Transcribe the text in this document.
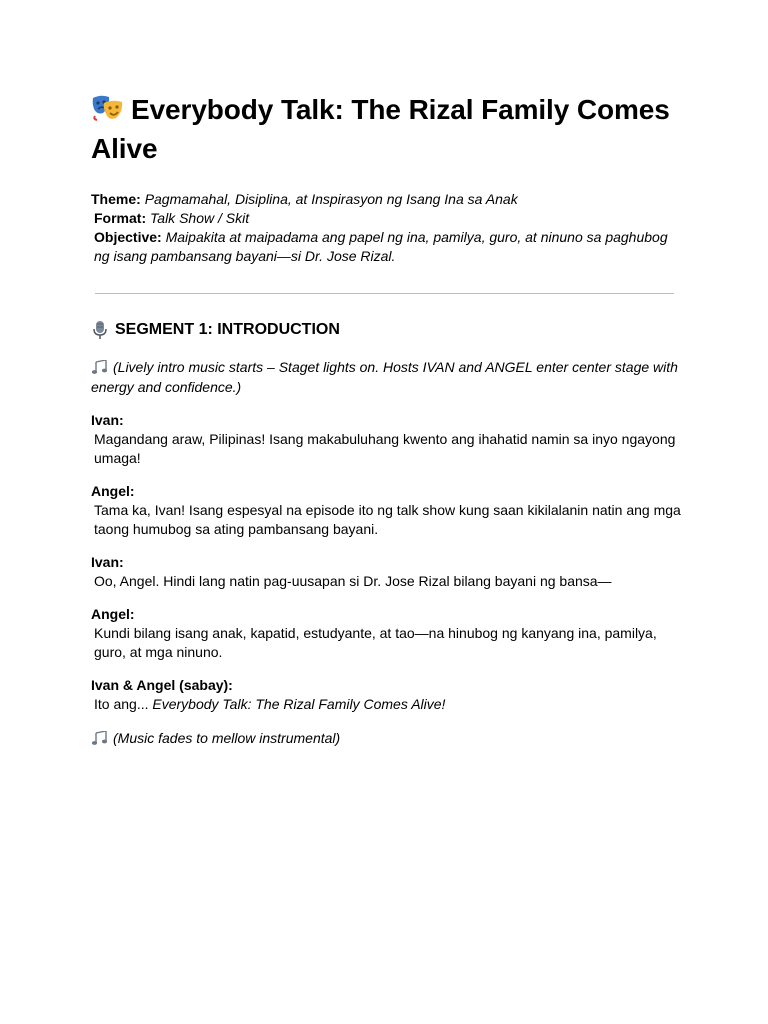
Everybody Talk: The Rizal Family Comes Alive
Theme: Pagmamahal, Disiplina, at Inspirasyon ng Isang Ina sa Anak
Format: Talk Show / Skit
Objective: Maipakita at maipadama ang papel ng ina, pamilya, guro, at ninuno sa paghubog ng isang pambansang bayani—si Dr. Jose Rizal.
SEGMENT 1: INTRODUCTION
(Lively intro music starts – Staget lights on. Hosts IVAN and ANGEL enter center stage with energy and confidence.)
Ivan:
Magandang araw, Pilipinas! Isang makabuluhang kwento ang ihahatid namin sa inyo ngayong umaga!
Angel:
Tama ka, Ivan! Isang espesyal na episode ito ng talk show kung saan kikilalanin natin ang mga taong humubog sa ating pambansang bayani.
Ivan:
Oo, Angel. Hindi lang natin pag-uusapan si Dr. Jose Rizal bilang bayani ng bansa—
Angel:
Kundi bilang isang anak, kapatid, estudyante, at tao—na hinubog ng kanyang ina, pamilya, guro, at mga ninuno.
Ivan & Angel (sabay):
Ito ang... Everybody Talk: The Rizal Family Comes Alive!
(Music fades to mellow instrumental)
